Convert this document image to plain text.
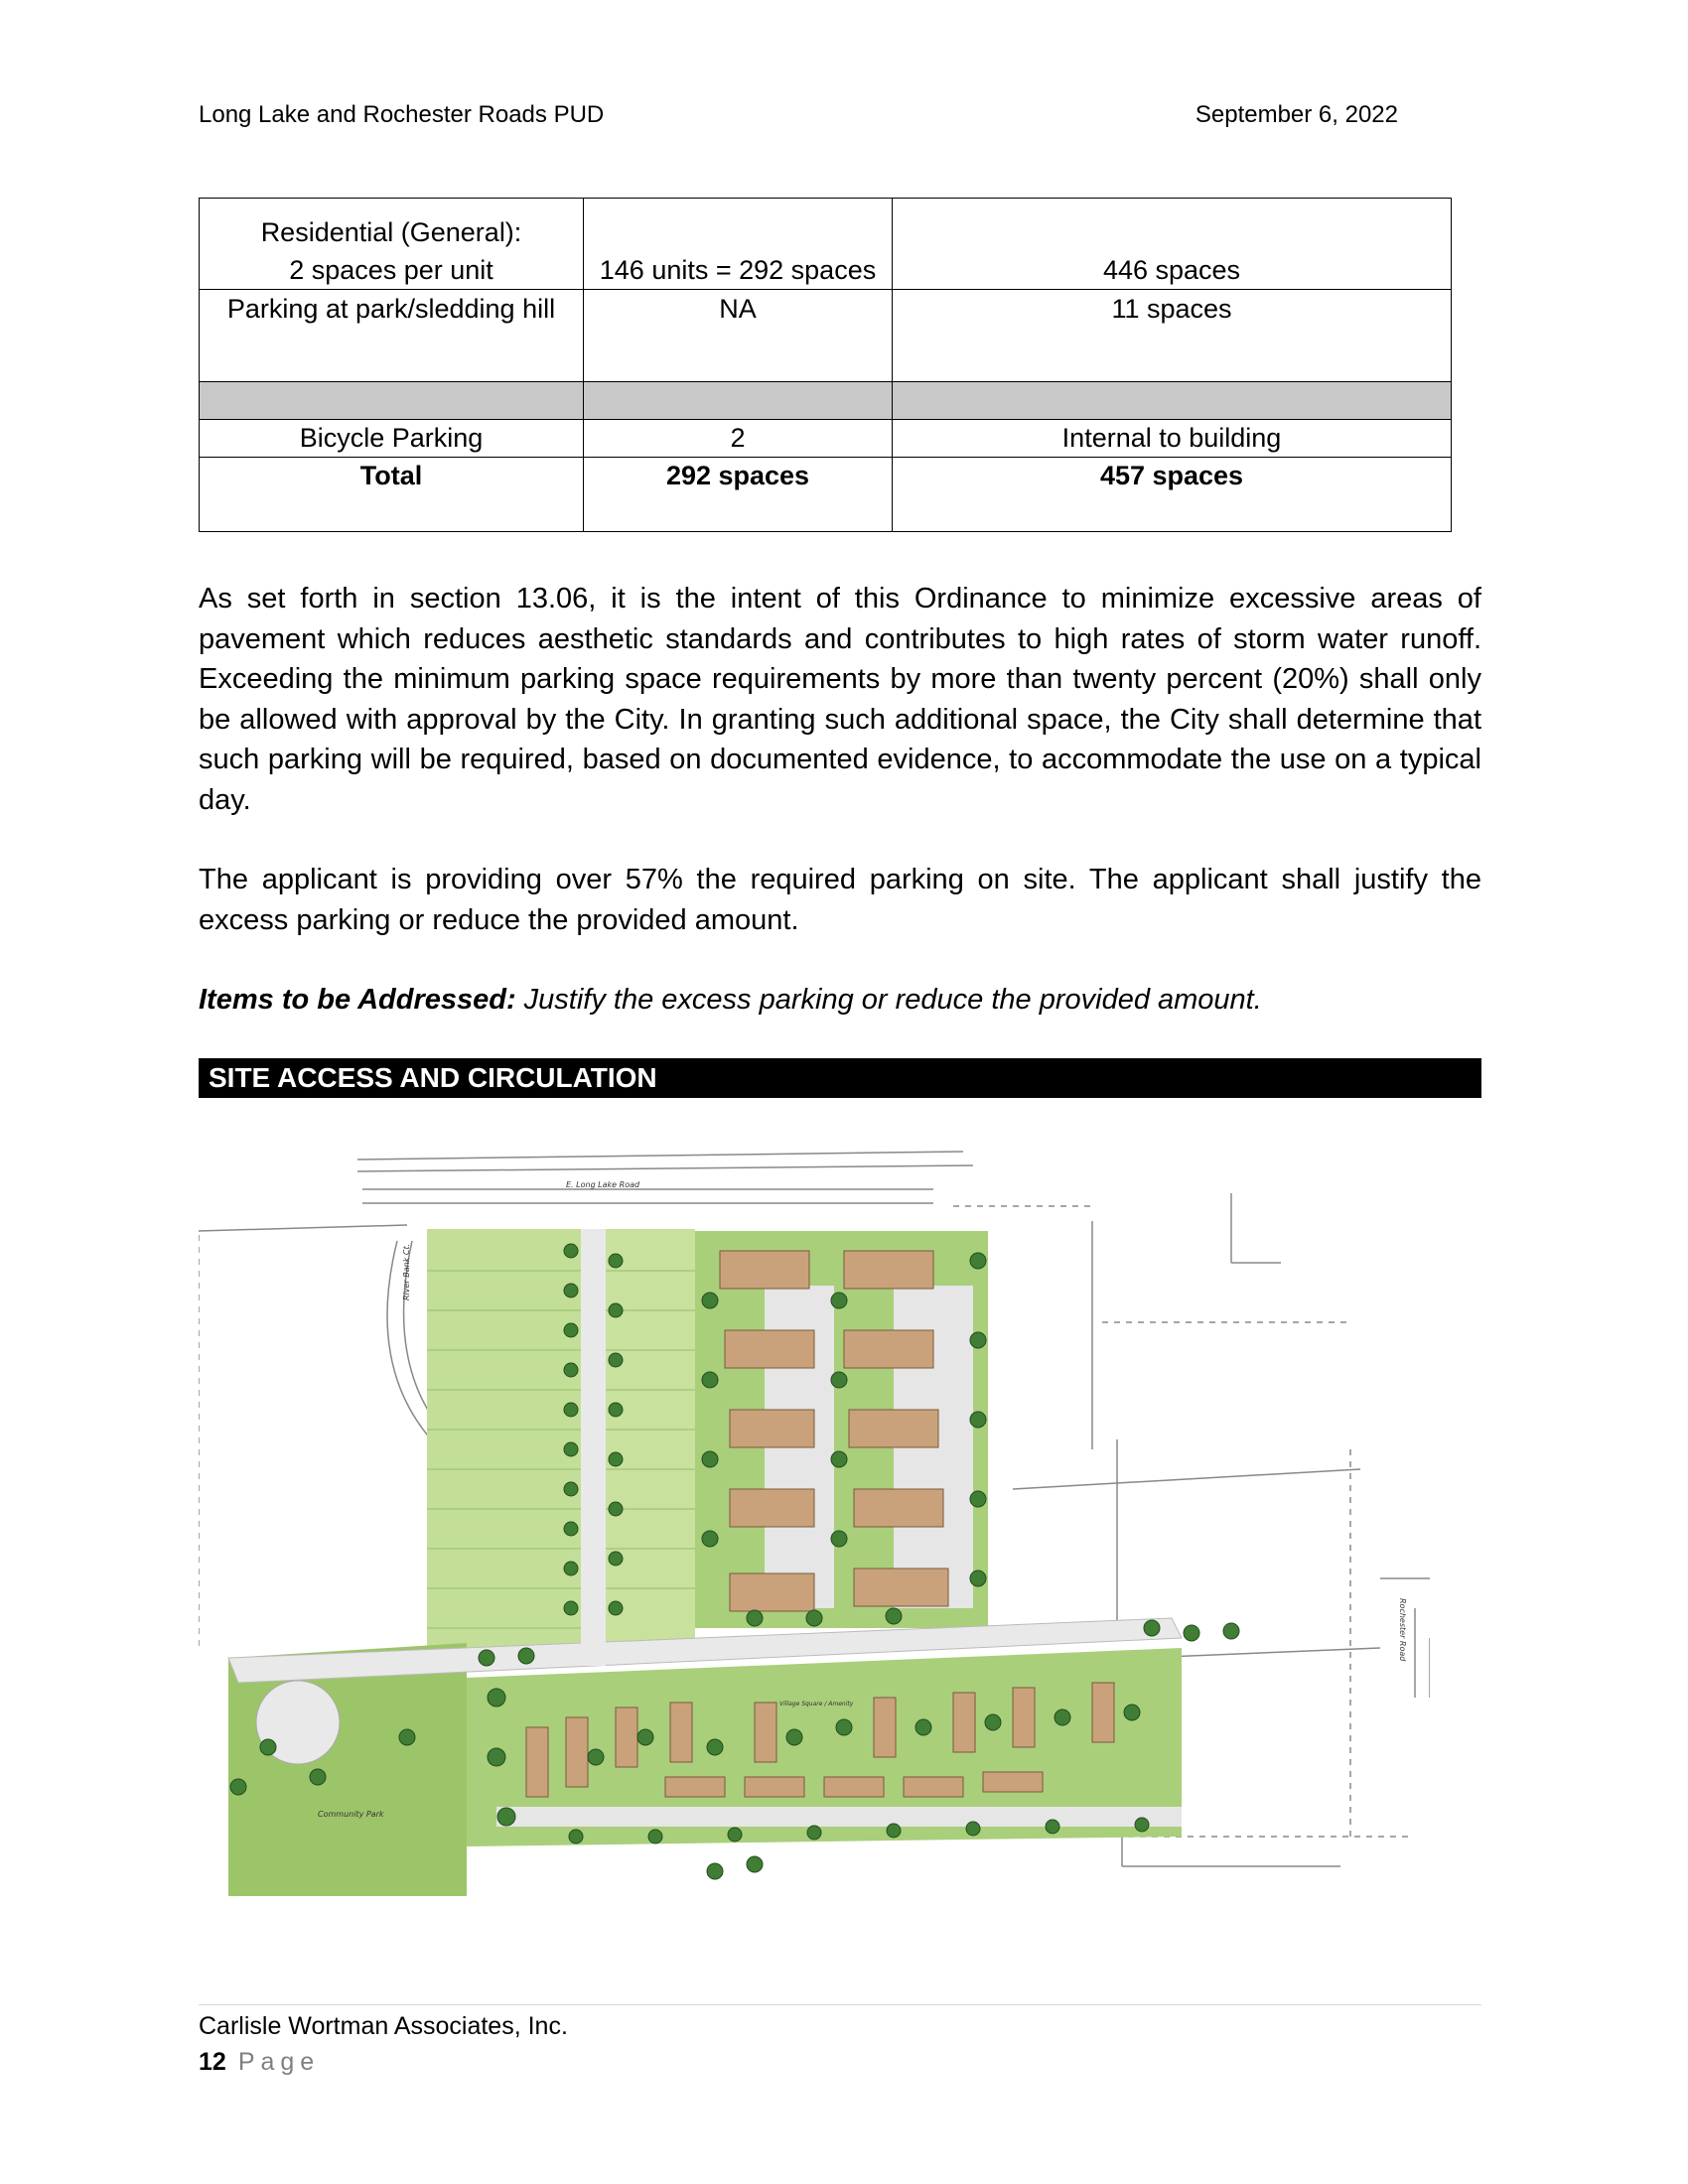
Long Lake and Rochester Roads PUD	September 6, 2022
Residential (General):
2 spaces per unit	146 units = 292 spaces	446 spaces
Parking at park/sledding hill	NA	11 spaces

Bicycle Parking	2	Internal to building
Total	292 spaces	457 spaces

As set forth in section 13.06, it is the intent of this Ordinance to minimize excessive areas of pavement which reduces aesthetic standards and contributes to high rates of storm water runoff. Exceeding the minimum parking space requirements by more than twenty percent (20%) shall only be allowed with approval by the City. In granting such additional space, the City shall determine that such parking will be required, based on documented evidence, to accommodate the use on a typical day.

The applicant is providing over 57% the required parking on site. The applicant shall justify the excess parking or reduce the provided amount.

Items to be Addressed: Justify the excess parking or reduce the provided amount.

SITE ACCESS AND CIRCULATION
E. Long Lake Road
Rochester Road
River Bank Ct.
Community Park
Village Square / Amenity
Carlisle Wortman Associates, Inc.
12 Page
